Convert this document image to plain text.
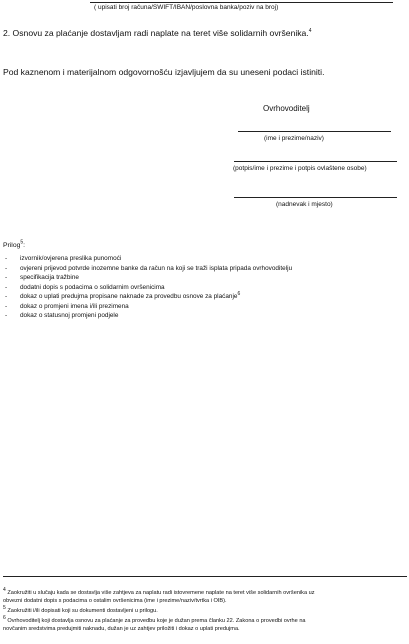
( upisati broj računa/SWIFT/IBAN/poslovna banka/poziv na broj)
2. Osnovu za plaćanje dostavljam radi naplate na teret više solidarnih ovršenika.$^4$
Pod kaznenom i materijalnom odgovornošću izjavljujem da su uneseni podaci istiniti.
Ovrhovoditelj
(ime i prezime/naziv)
(potpis/ime i prezime i potpis ovlaštene osobe)
(nadnevak i mjesto)
Prilog$^5$:
- izvornik/ovjerena preslika punomoći
- ovjereni prijevod potvrde inozemne banke da račun na koji se traži isplata pripada ovrhovoditelju
- specifikacija tražbine
- dodatni dopis s podacima o solidarnim ovršenicima
- dokaz o uplati predujma propisane naknade za provedbu osnove za plaćanje$^6$
- dokaz o promjeni imena i/ili prezimena
- dokaz o statusnoj promjeni podjele
$^4$ Zaokružiti u slučaju kada se dostavlja više zahtjeva za naplatu radi istovremene naplate na teret više solidarnih ovršenika uz
obvezni dodatni dopis s podacima o ostalim ovršenicima (ime i prezime/naziv/tvrtka i OIB).
$^5$ Zaokružiti i/ili dopisati koji su dokumenti dostavljeni u prilogu.
$^6$ Ovrhovoditelj koji dostavlja osnovu za plaćanje za provedbu koje je dužan prema članku 22. Zakona o provedbi ovrhe na
novčanim sredstvima predujmiti naknadu, dužan je uz zahtjev priložiti i dokaz o uplati predujma.
